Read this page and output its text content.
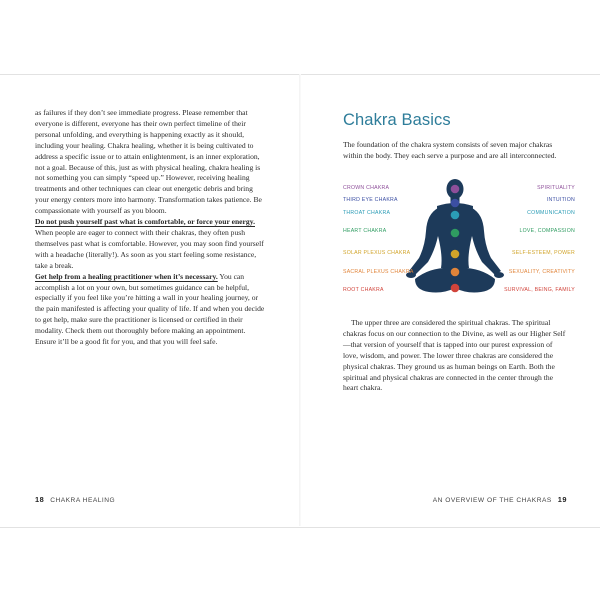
as failures if they don’t see immediate progress. Please remember that everyone is different, everyone has their own perfect timeline of their personal unfolding, and everything is happening exactly as it should, including your healing. Chakra healing, whether it is being cultivated to address a specific issue or to attain enlightenment, is an inner exploration, not a goal. Because of this, just as with physical healing, chakra healing is not something you can simply “speed up.” However, receiving healing treatments and other techniques can clear out energetic debris and bring your energy centers more into harmony. Transformation takes patience. Be compassionate with yourself as you bloom.

Do not push yourself past what is comfortable, or force your energy. When people are eager to connect with their chakras, they often push themselves past what is comfortable. However, you may soon find yourself with a headache (literally!). As soon as you start feeling some resistance, take a break.

Get help from a healing practitioner when it’s necessary. You can accomplish a lot on your own, but sometimes guidance can be helpful, especially if you feel like you’re hitting a wall in your healing journey, or the pain manifested is affecting your quality of life. If and when you decide to get help, make sure the practitioner is licensed or certified in their modality. Check them out thoroughly before making an appointment. Ensure it’ll be a good fit for you, and that you will feel safe.

18 CHAKRA HEALING
Chakra Basics

The foundation of the chakra system consists of seven major chakras within the body. They each serve a purpose and are all interconnected.

CROWN CHAKRA	SPIRITUALITY
THIRD EYE CHAKRA	INTUITION
THROAT CHAKRA	COMMUNICATION
HEART CHAKRA	LOVE, COMPASSION
SOLAR PLEXUS CHAKRA	SELF-ESTEEM, POWER
SACRAL PLEXUS CHAKRA	SEXUALITY, CREATIVITY
ROOT CHAKRA	SURVIVAL, BEING, FAMILY

The upper three are considered the spiritual chakras. The spiritual chakras focus on our connection to the Divine, as well as our Higher Self—that version of yourself that is tapped into our purest expression of love, wisdom, and power. The lower three chakras are considered the physical chakras. They ground us as human beings on Earth. Both the spiritual and physical chakras are connected in the center through the heart chakra.

AN OVERVIEW OF THE CHAKRAS 19
